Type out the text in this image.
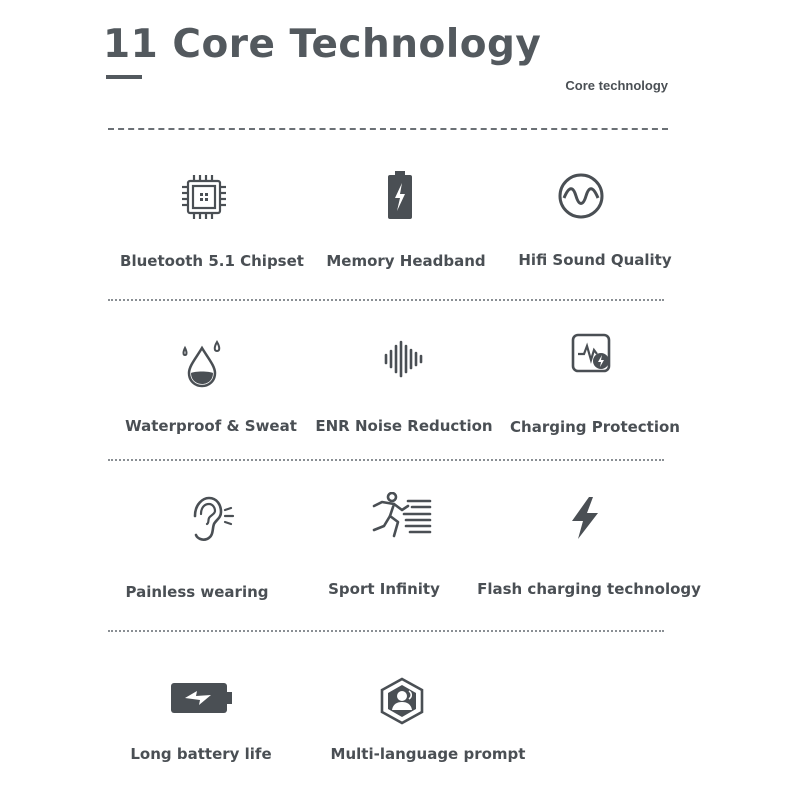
11 Core Technology
Core technology
Bluetooth 5.1 Chipset Memory Headband Hifi Sound Quality
Waterproof & Sweat ENR Noise Reduction Charging Protection
Painless wearing	Sport Infinity Flash charging technology
Long battery life	Multi-language prompt
